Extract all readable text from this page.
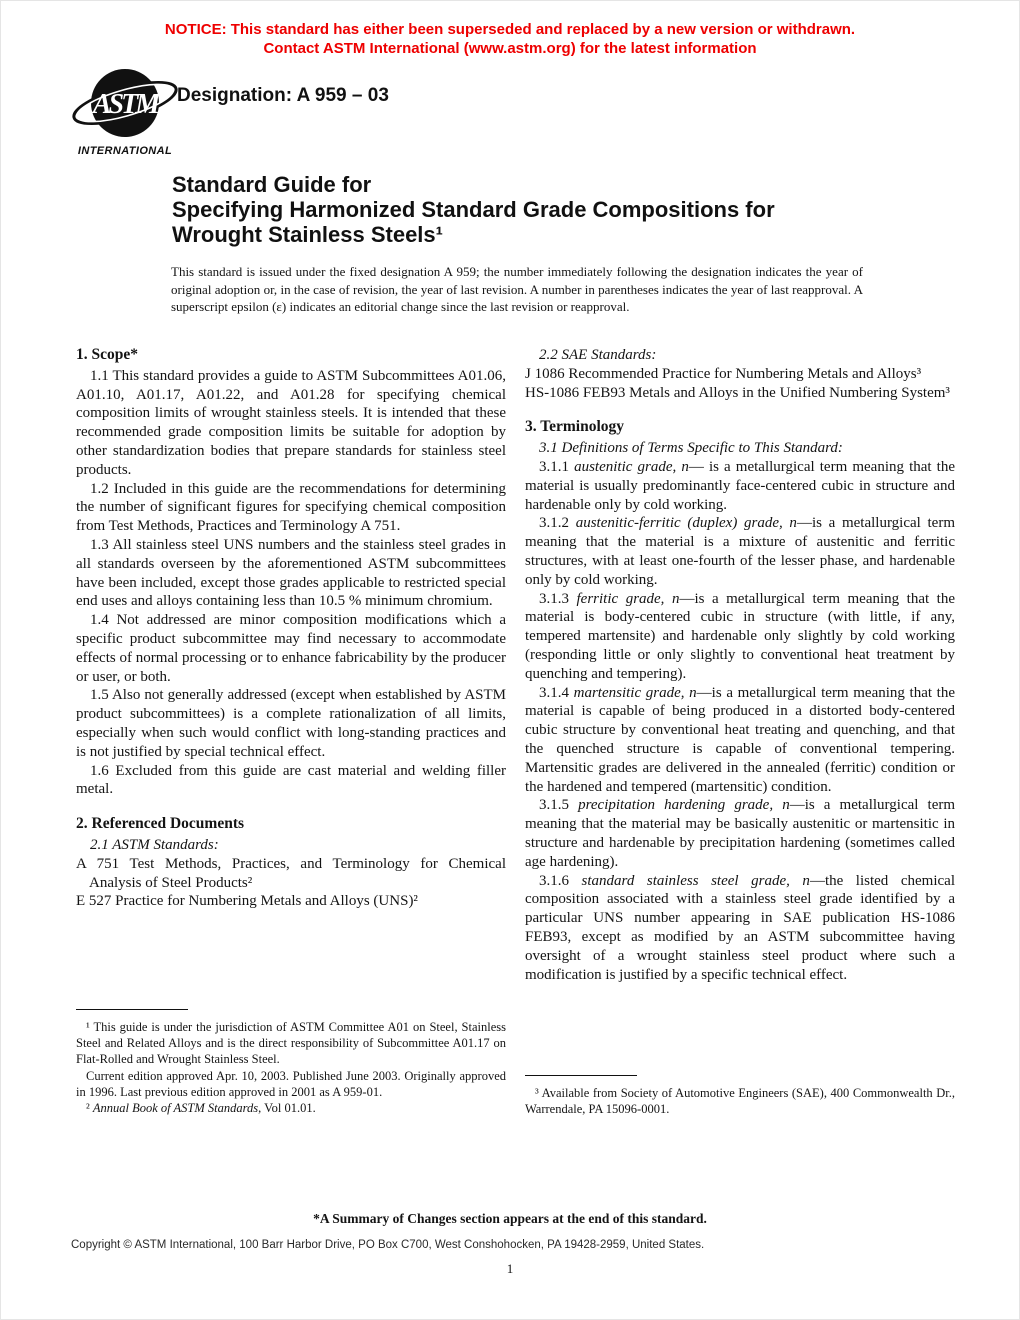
NOTICE: This standard has either been superseded and replaced by a new version or withdrawn.
Contact ASTM International (www.astm.org) for the latest information
ASTM
INTERNATIONAL
Designation: A 959 – 03
Standard Guide for
Specifying Harmonized Standard Grade Compositions for
Wrought Stainless Steels¹
This standard is issued under the fixed designation A 959; the number immediately following the designation indicates the year of original adoption or, in the case of revision, the year of last revision. A number in parentheses indicates the year of last reapproval. A superscript epsilon (ε) indicates an editorial change since the last revision or reapproval.

1. Scope*

1.1 This standard provides a guide to ASTM Subcommittees A01.06, A01.10, A01.17, A01.22, and A01.28 for specifying chemical composition limits of wrought stainless steels. It is intended that these recommended grade composition limits be suitable for adoption by other standardization bodies that prepare standards for stainless steel products.

1.2 Included in this guide are the recommendations for determining the number of significant figures for specifying chemical composition from Test Methods, Practices and Terminology A 751.

1.3 All stainless steel UNS numbers and the stainless steel grades in all standards overseen by the aforementioned ASTM subcommittees have been included, except those grades applicable to restricted special end uses and alloys containing less than 10.5 % minimum chromium.

1.4 Not addressed are minor composition modifications which a specific product subcommittee may find necessary to accommodate effects of normal processing or to enhance fabricability by the producer or user, or both.

1.5 Also not generally addressed (except when established by ASTM product subcommittees) is a complete rationalization of all limits, especially when such would conflict with long-standing practices and is not justified by special technical effect.

1.6 Excluded from this guide are cast material and welding filler metal.

2. Referenced Documents

2.1 ASTM Standards:

A 751 Test Methods, Practices, and Terminology for Chemical Analysis of Steel Products²

E 527 Practice for Numbering Metals and Alloys (UNS)²

2.2 SAE Standards:

J 1086 Recommended Practice for Numbering Metals and Alloys³

HS-1086 FEB93 Metals and Alloys in the Unified Numbering System³

3. Terminology

3.1 Definitions of Terms Specific to This Standard:

3.1.1 austenitic grade, n— is a metallurgical term meaning that the material is usually predominantly face-centered cubic in structure and hardenable only by cold working.

3.1.2 austenitic-ferritic (duplex) grade, n—is a metallurgical term meaning that the material is a mixture of austenitic and ferritic structures, with at least one-fourth of the lesser phase, and hardenable only by cold working.

3.1.3 ferritic grade, n—is a metallurgical term meaning that the material is body-centered cubic in structure (with little, if any, tempered martensite) and hardenable only slightly by cold working (responding little or only slightly to conventional heat treatment by quenching and tempering).

3.1.4 martensitic grade, n—is a metallurgical term meaning that the material is capable of being produced in a distorted body-centered cubic structure by conventional heat treating and quenching, and that the quenched structure is capable of conventional tempering. Martensitic grades are delivered in the annealed (ferritic) condition or the hardened and tempered (martensitic) condition.

3.1.5 precipitation hardening grade, n—is a metallurgical term meaning that the material may be basically austenitic or martensitic in structure and hardenable by precipitation hardening (sometimes called age hardening).

3.1.6 standard stainless steel grade, n—the listed chemical composition associated with a stainless steel grade identified by a particular UNS number appearing in SAE publication HS-1086 FEB93, except as modified by an ASTM subcommittee having oversight of a wrought stainless steel product where such a modification is justified by a specific technical effect.

¹ This guide is under the jurisdiction of ASTM Committee A01 on Steel, Stainless Steel and Related Alloys and is the direct responsibility of Subcommittee A01.17 on Flat-Rolled and Wrought Stainless Steel.

Current edition approved Apr. 10, 2003. Published June 2003. Originally approved in 1996. Last previous edition approved in 2001 as A 959-01.

² Annual Book of ASTM Standards, Vol 01.01.

³ Available from Society of Automotive Engineers (SAE), 400 Commonwealth Dr., Warrendale, PA 15096-0001.

*A Summary of Changes section appears at the end of this standard.
Copyright © ASTM International, 100 Barr Harbor Drive, PO Box C700, West Conshohocken, PA 19428-2959, United States.
1
